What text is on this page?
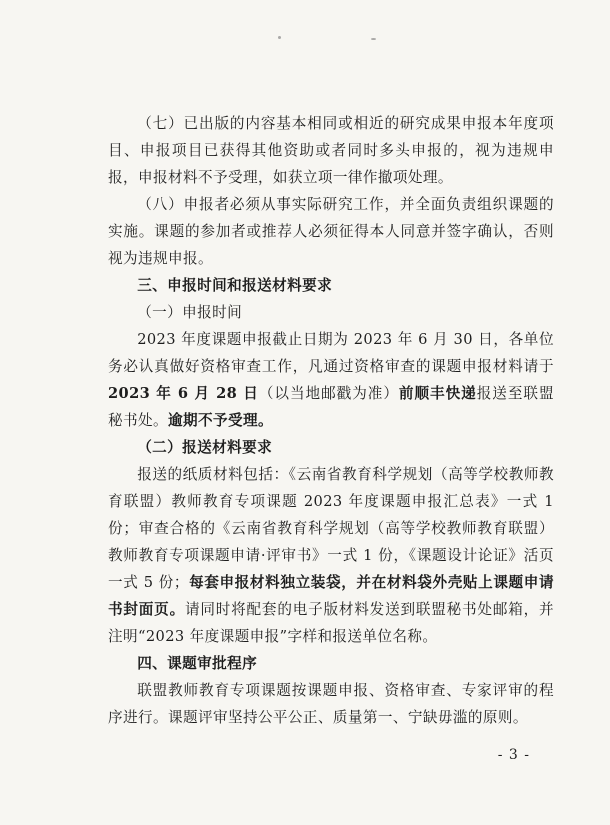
（七）已出版的内容基本相同或相近的研究成果申报本年度项目、申报项目已获得其他资助或者同时多头申报的，视为违规申报，申报材料不予受理，如获立项一律作撤项处理。

（八）申报者必须从事实际研究工作，并全面负责组织课题的实施。课题的参加者或推荐人必须征得本人同意并签字确认，否则视为违规申报。

三、申报时间和报送材料要求

（一）申报时间

2023 年度课题申报截止日期为 2023 年 6 月 30 日，各单位务必认真做好资格审查工作，凡通过资格审查的课题申报材料请于 2023 年 6 月 28 日（以当地邮戳为准）前顺丰快递报送至联盟秘书处。逾期不予受理。

（二）报送材料要求

报送的纸质材料包括：《云南省教育科学规划（高等学校教师教育联盟）教师教育专项课题 2023 年度课题申报汇总表》一式 1 份；审查合格的《云南省教育科学规划（高等学校教师教育联盟）教师教育专项课题申请·评审书》一式 1 份，《课题设计论证》活页一式 5 份；每套申报材料独立装袋，并在材料袋外壳贴上课题申请书封面页。请同时将配套的电子版材料发送到联盟秘书处邮箱，并注明“2023 年度课题申报”字样和报送单位名称。

四、课题审批程序

联盟教师教育专项课题按课题申报、资格审查、专家评审的程序进行。课题评审坚持公平公正、质量第一、宁缺毋滥的原则。

- 3 -
